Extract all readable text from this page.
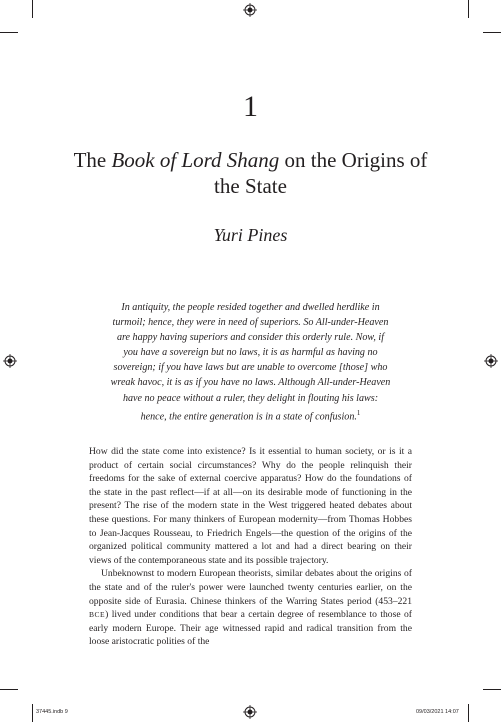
1
The Book of Lord Shang on the Origins of the State
Yuri Pines
In antiquity, the people resided together and dwelled herdlike in turmoil; hence, they were in need of superiors. So All-under-Heaven are happy having superiors and consider this orderly rule. Now, if you have a sovereign but no laws, it is as harmful as having no sovereign; if you have laws but are unable to overcome [those] who wreak havoc, it is as if you have no laws. Although All-under-Heaven have no peace without a ruler, they delight in flouting his laws: hence, the entire generation is in a state of confusion.$^1$

How did the state come into existence? Is it essential to human society, or is it a product of certain social circumstances? Why do the people relinquish their freedoms for the sake of external coercive apparatus? How do the foundations of the state in the past reflect—if at all—on its desirable mode of functioning in the present? The rise of the modern state in the West triggered heated debates about these questions. For many thinkers of European modernity—from Thomas Hobbes to Jean-Jacques Rousseau, to Friedrich Engels—the question of the origins of the organized political community mattered a lot and had a direct bearing on their views of the contemporaneous state and its possible trajectory.

Unbeknownst to modern European theorists, similar debates about the origins of the state and of the ruler's power were launched twenty centuries earlier, on the opposite side of Eurasia. Chinese thinkers of the Warring States period (453–221 BCE) lived under conditions that bear a certain degree of resemblance to those of early modern Europe. Their age witnessed rapid and radical transition from the loose aristocratic polities of the

37445.indb 9	09/03/2021 14:07
